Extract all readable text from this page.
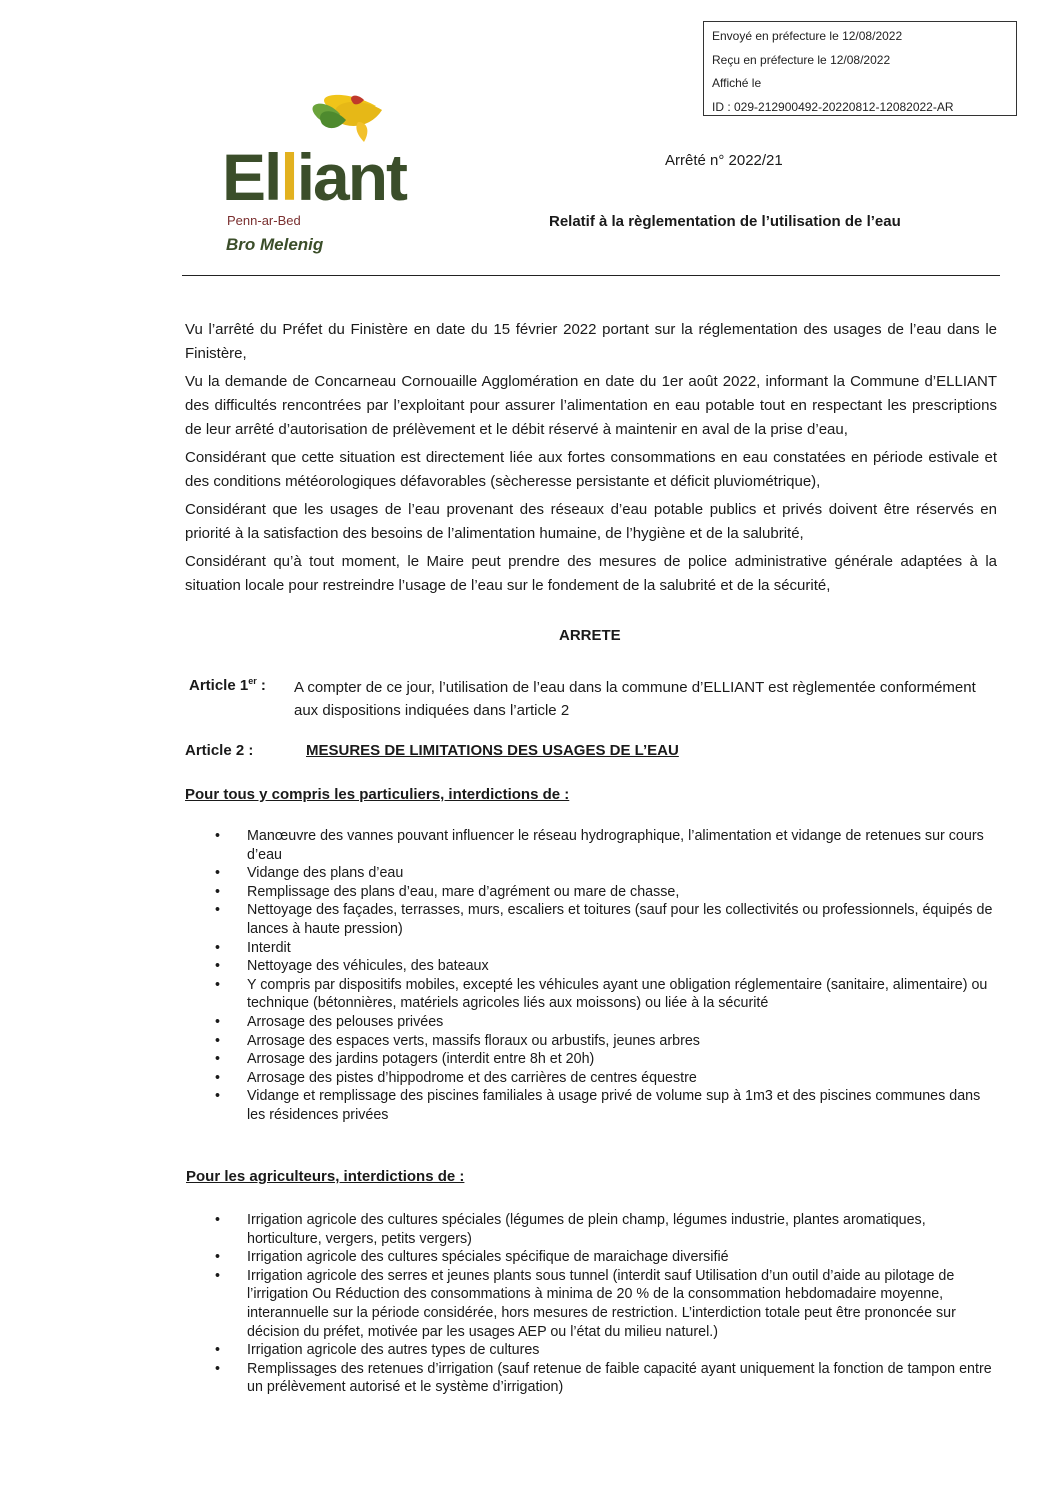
Envoyé en préfecture le 12/08/2022
Reçu en préfecture le 12/08/2022
Affiché le
ID : 029-212900492-20220812-12082022-AR
Elliant
Penn-ar-Bed
Bro Melenig
Arrêté n° 2022/21
Relatif à la règlementation de l’utilisation de l’eau

Vu l’arrêté du Préfet du Finistère en date du 15 février 2022 portant sur la réglementation des usages de l’eau dans le Finistère,

Vu la demande de Concarneau Cornouaille Agglomération en date du 1er août 2022, informant la Commune d’ELLIANT des difficultés rencontrées par l’exploitant pour assurer l’alimentation en eau potable tout en respectant les prescriptions de leur arrêté d’autorisation de prélèvement et le débit réservé à maintenir en aval de la prise d’eau,

Considérant que cette situation est directement liée aux fortes consommations en eau constatées en période estivale et des conditions météorologiques défavorables (sècheresse persistante et déficit pluviométrique),

Considérant que les usages de l’eau provenant des réseaux d’eau potable publics et privés doivent être réservés en priorité à la satisfaction des besoins de l’alimentation humaine, de l’hygiène et de la salubrité,

Considérant qu’à tout moment, le Maire peut prendre des mesures de police administrative générale adaptées à la situation locale pour restreindre l’usage de l’eau sur le fondement de la salubrité et de la sécurité,

ARRETE
Article 1er : A compter de ce jour, l’utilisation de l’eau dans la commune d’ELLIANT est règlementée conformément aux dispositions indiquées dans l’article 2
Article 2 :	MESURES DE LIMITATIONS DES USAGES DE L’EAU
Pour tous y compris les particuliers, interdictions de :
• Manœuvre des vannes pouvant influencer le réseau hydrographique, l’alimentation et vidange de retenues sur cours d’eau
• Vidange des plans d’eau
• Remplissage des plans d’eau, mare d’agrément ou mare de chasse,
• Nettoyage des façades, terrasses, murs, escaliers et toitures (sauf pour les collectivités ou professionnels, équipés de lances à haute pression)
• Interdit
• Nettoyage des véhicules, des bateaux
• Y compris par dispositifs mobiles, excepté les véhicules ayant une obligation réglementaire (sanitaire, alimentaire) ou technique (bétonnières, matériels agricoles liés aux moissons) ou liée à la sécurité
• Arrosage des pelouses privées
• Arrosage des espaces verts, massifs floraux ou arbustifs, jeunes arbres
• Arrosage des jardins potagers (interdit entre 8h et 20h)
• Arrosage des pistes d’hippodrome et des carrières de centres équestre
• Vidange et remplissage des piscines familiales à usage privé de volume sup à 1m3 et des piscines communes dans les résidences privées
Pour les agriculteurs, interdictions de :
• Irrigation agricole des cultures spéciales (légumes de plein champ, légumes industrie, plantes aromatiques, horticulture, vergers, petits vergers)
• Irrigation agricole des cultures spéciales spécifique de maraichage diversifié
• Irrigation agricole des serres et jeunes plants sous tunnel (interdit sauf Utilisation d’un outil d’aide au pilotage de l’irrigation Ou Réduction des consommations à minima de 20 % de la consommation hebdomadaire moyenne, interannuelle sur la période considérée, hors mesures de restriction. L’interdiction totale peut être prononcée sur décision du préfet, motivée par les usages AEP ou l’état du milieu naturel.)
• Irrigation agricole des autres types de cultures
• Remplissages des retenues d’irrigation (sauf retenue de faible capacité ayant uniquement la fonction de tampon entre un prélèvement autorisé et le système d’irrigation)
